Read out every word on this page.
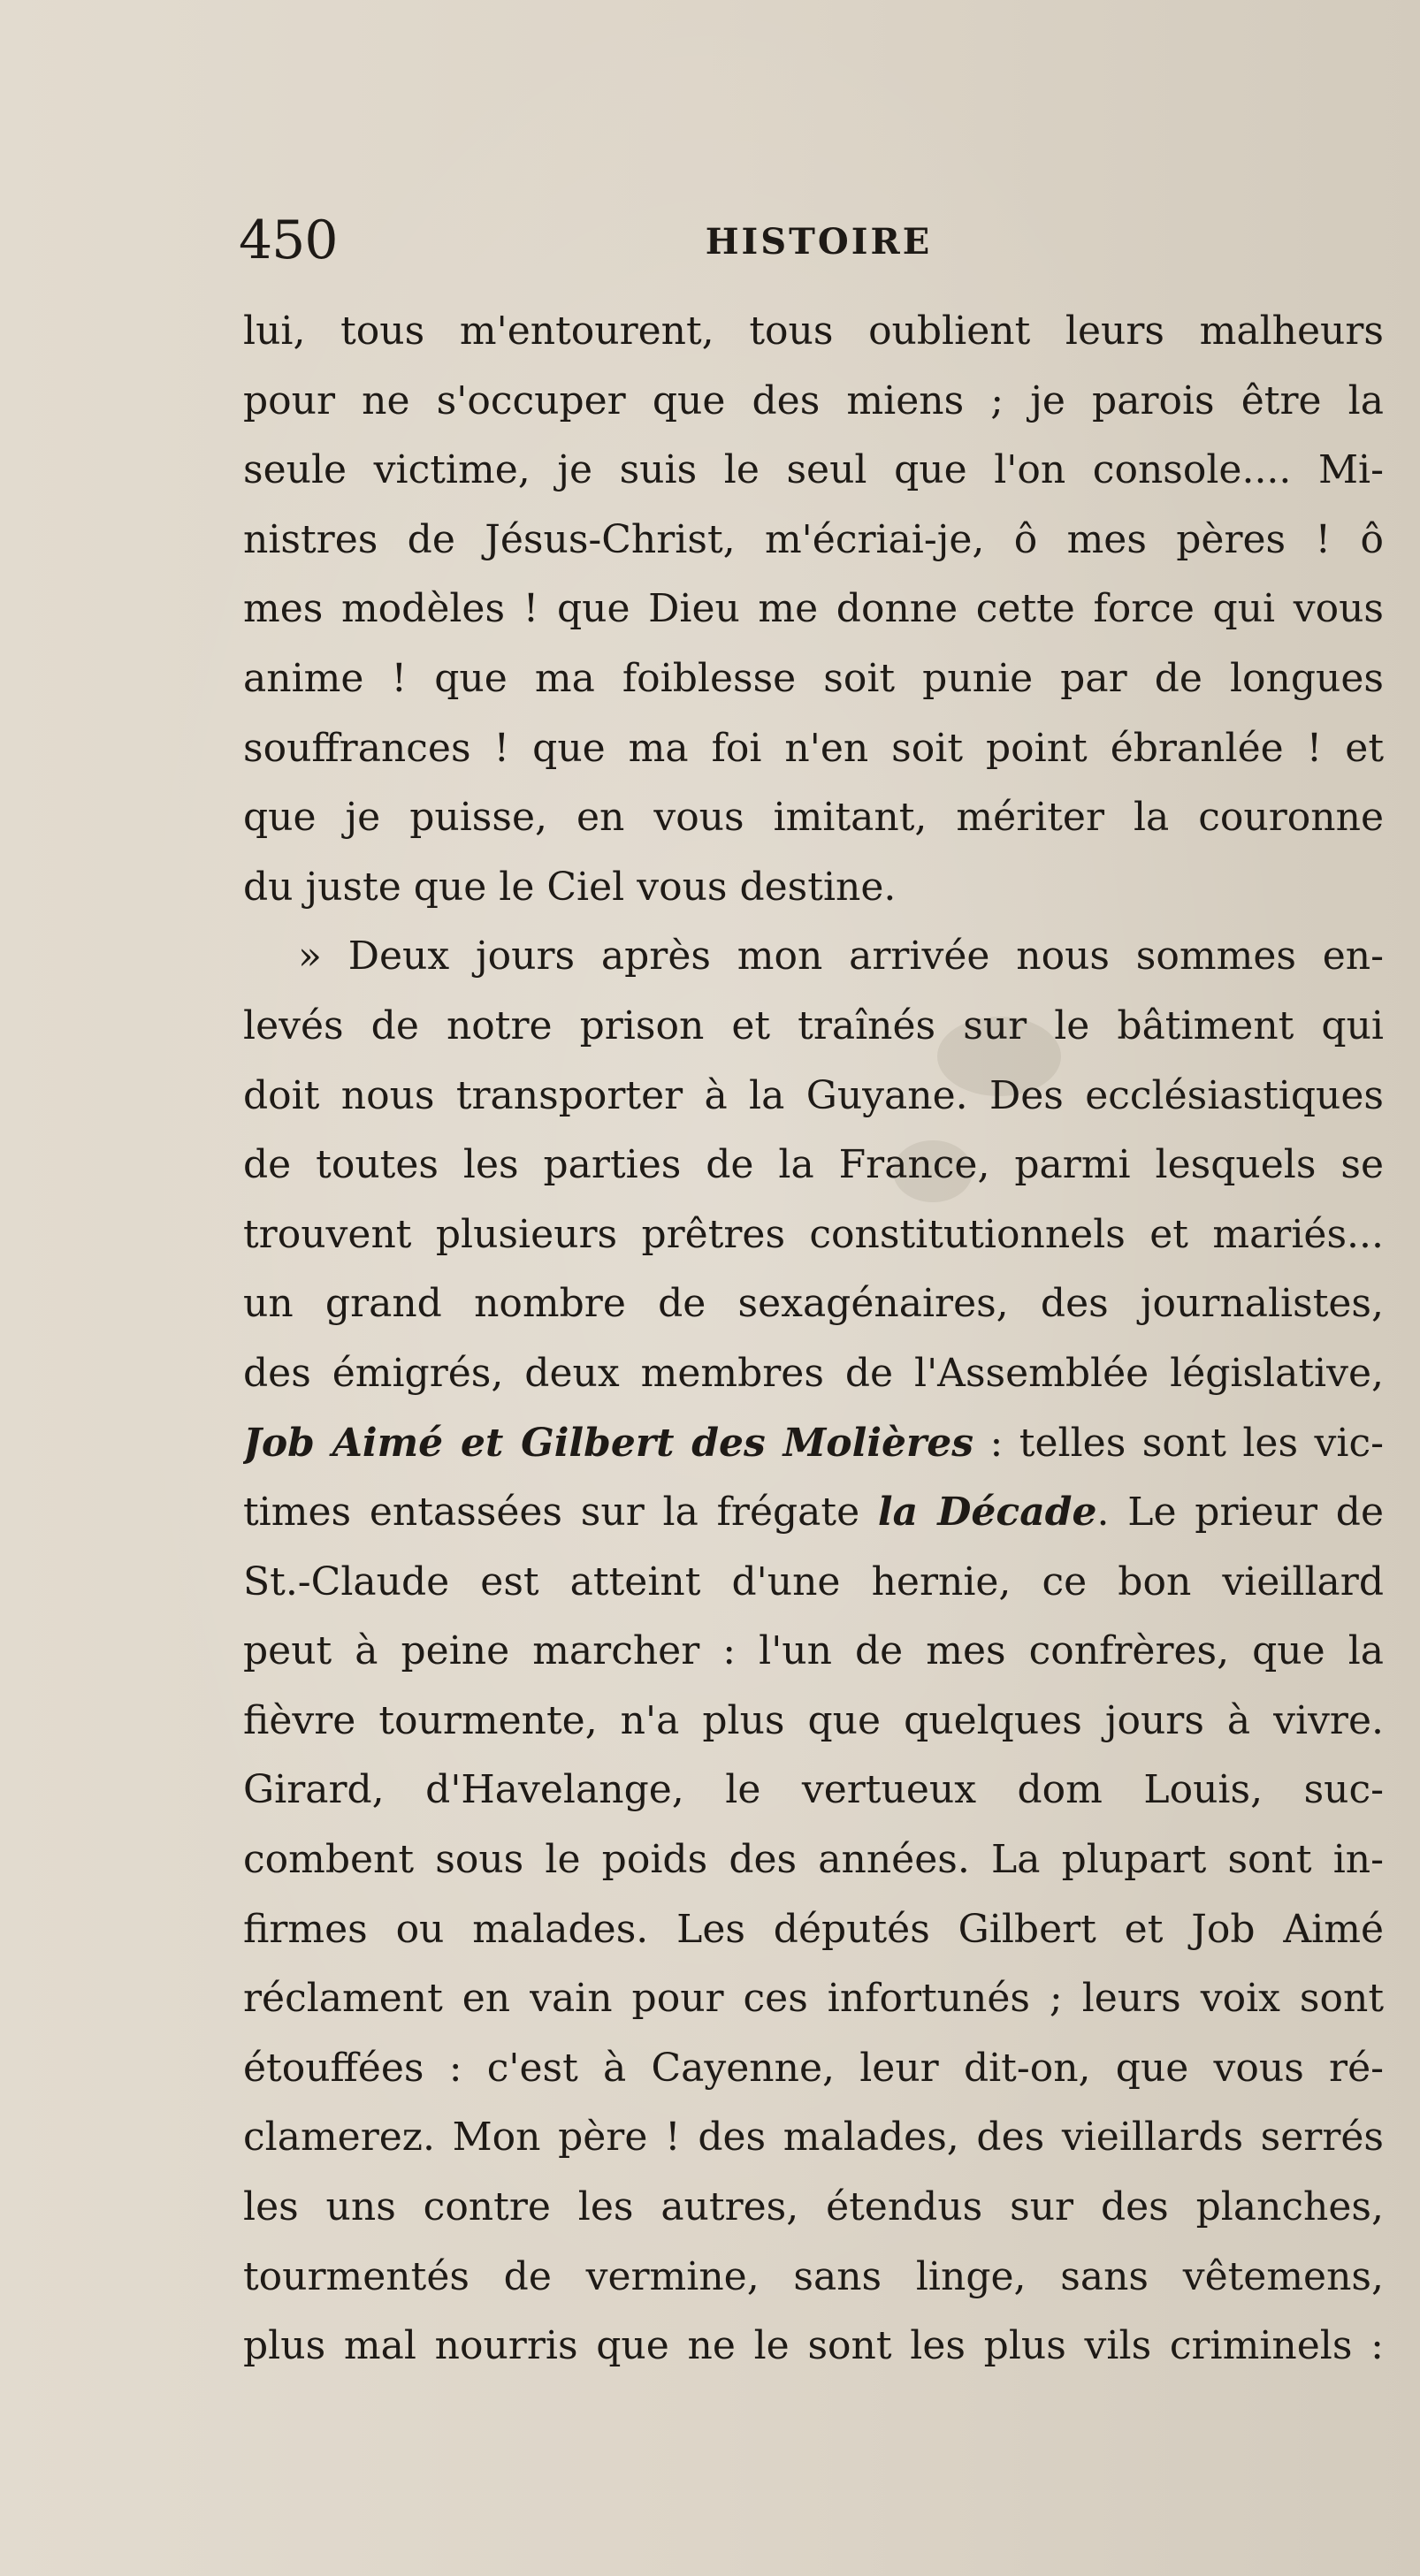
450	HISTOIRE
lui, tous m'entourent, tous oublient leurs malheurs
pour ne s'occuper que des miens ; je parois être la
seule victime, je suis le seul que l'on console.... Mi-
nistres de Jésus-Christ, m'écriai-je, ô mes pères ! ô
mes modèles ! que Dieu me donne cette force qui vous
anime ! que ma foiblesse soit punie par de longues
souffrances ! que ma foi n'en soit point ébranlée ! et
que je puisse, en vous imitant, mériter la couronne
du juste que le Ciel vous destine.
» Deux jours après mon arrivée nous sommes en-
levés de notre prison et traînés sur le bâtiment qui
doit nous transporter à la Guyane. Des ecclésiastiques
de toutes les parties de la France, parmi lesquels se
trouvent plusieurs prêtres constitutionnels et mariés...
un grand nombre de sexagénaires, des journalistes,
des émigrés, deux membres de l'Assemblée législative,
Job Aimé et Gilbert des Molières : telles sont les vic-
times entassées sur la frégate la Décade. Le prieur de
St.-Claude est atteint d'une hernie, ce bon vieillard
peut à peine marcher : l'un de mes confrères, que la
fièvre tourmente, n'a plus que quelques jours à vivre.
Girard, d'Havelange, le vertueux dom Louis, suc-
combent sous le poids des années. La plupart sont in-
firmes ou malades. Les députés Gilbert et Job Aimé
réclament en vain pour ces infortunés ; leurs voix sont
étouffées : c'est à Cayenne, leur dit-on, que vous ré-
clamerez. Mon père ! des malades, des vieillards serrés
les uns contre les autres, étendus sur des planches,
tourmentés de vermine, sans linge, sans vêtemens,
plus mal nourris que ne le sont les plus vils criminels :
